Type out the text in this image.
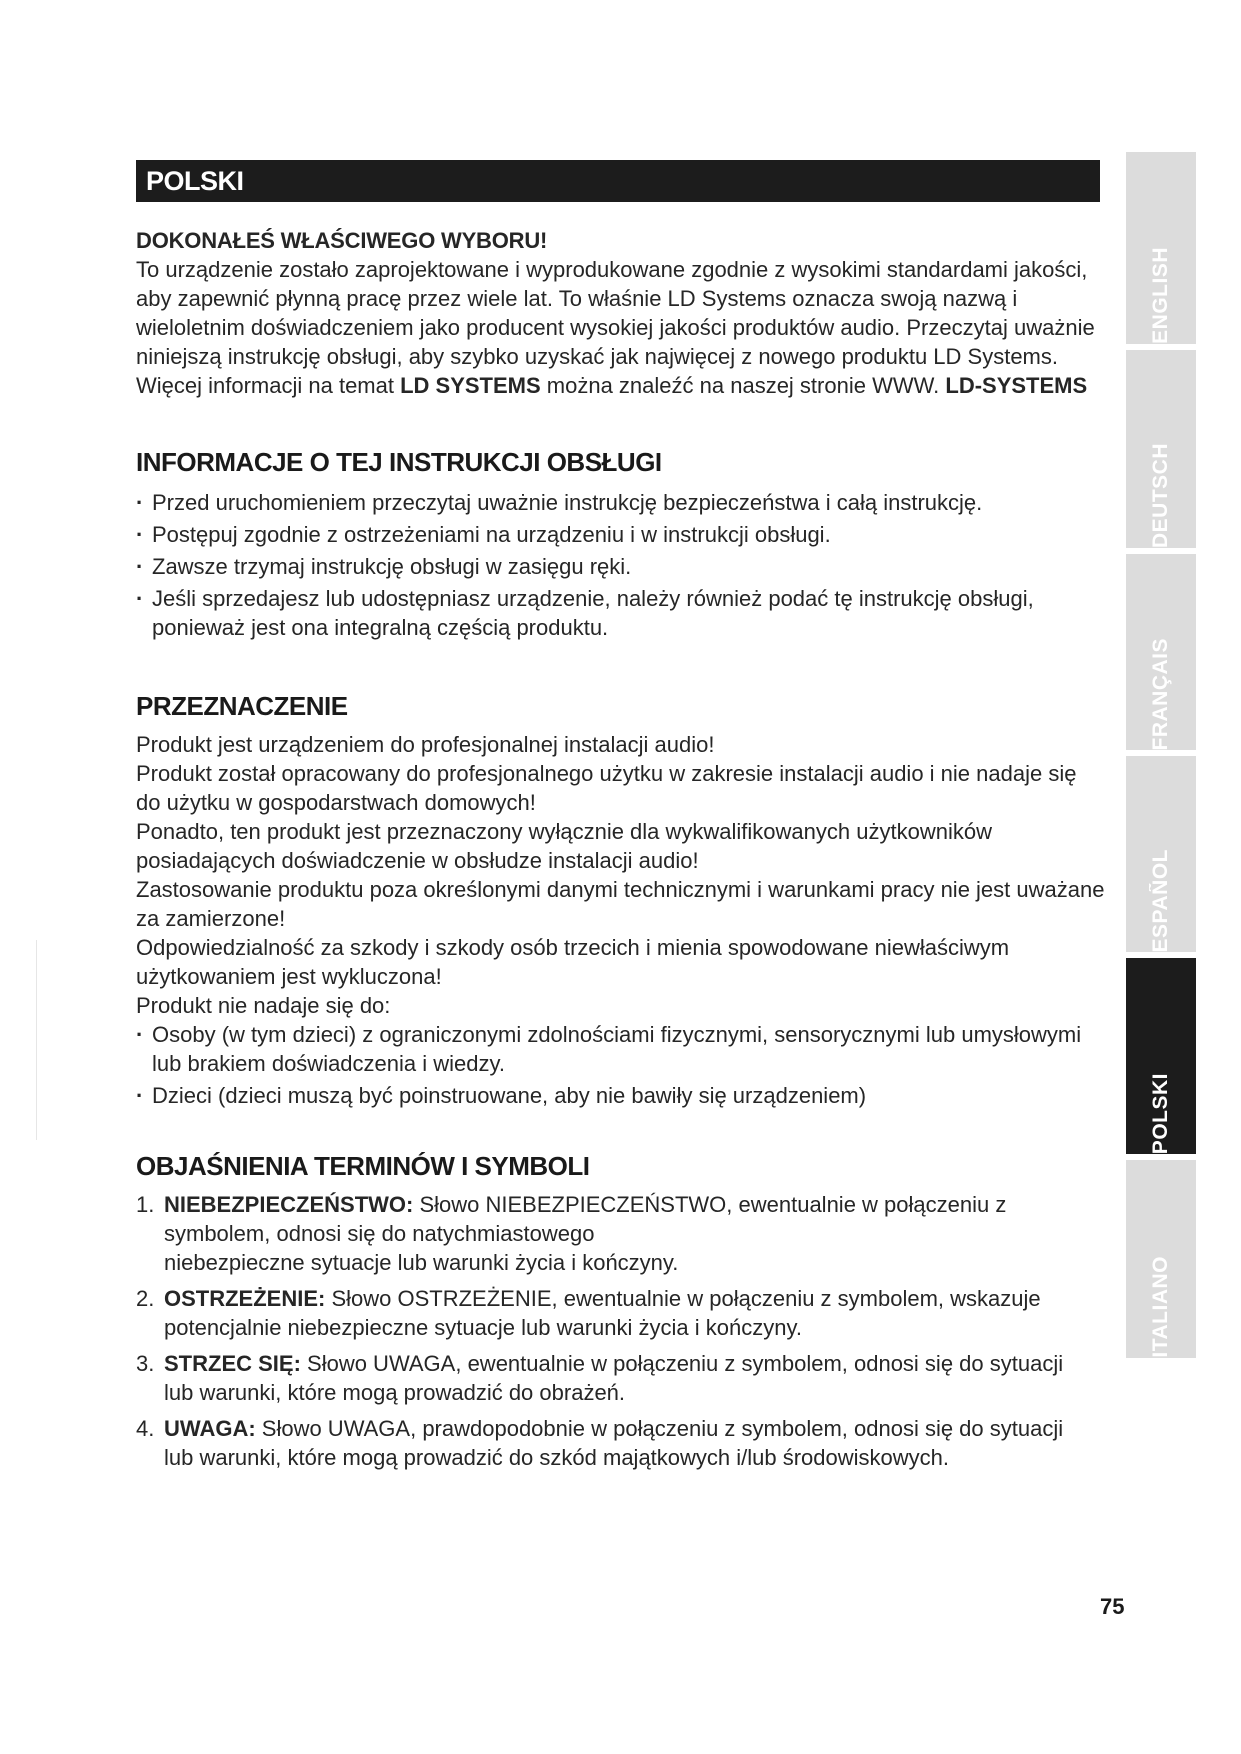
POLSKI

DOKONAŁEŚ WŁAŚCIWEGO WYBORU!

To urządzenie zostało zaprojektowane i wyprodukowane zgodnie z wysokimi standardami jakości, aby zapewnić płynną pracę przez wiele lat. To właśnie LD Systems oznacza swoją nazwą i wieloletnim doświadczeniem jako producent wysokiej jakości produktów audio. Przeczytaj uważnie niniejszą instrukcję obsługi, aby szybko uzyskać jak najwięcej z nowego produktu LD Systems.

Więcej informacji na temat LD SYSTEMS można znaleźć na naszej stronie WWW. LD-SYSTEMS

INFORMACJE O TEJ INSTRUKCJI OBSŁUGI
· Przed uruchomieniem przeczytaj uważnie instrukcję bezpieczeństwa i całą instrukcję.
· Postępuj zgodnie z ostrzeżeniami na urządzeniu i w instrukcji obsługi.
· Zawsze trzymaj instrukcję obsługi w zasięgu ręki.
· Jeśli sprzedajesz lub udostępniasz urządzenie, należy również podać tę instrukcję obsługi, ponieważ jest ona integralną częścią produktu.
PRZEZNACZENIE

Produkt jest urządzeniem do profesjonalnej instalacji audio!

Produkt został opracowany do profesjonalnego użytku w zakresie instalacji audio i nie nadaje się do użytku w gospodarstwach domowych!

Ponadto, ten produkt jest przeznaczony wyłącznie dla wykwalifikowanych użytkowników posiadających doświadczenie w obsłudze instalacji audio!

Zastosowanie produktu poza określonymi danymi technicznymi i warunkami pracy nie jest uważane za zamierzone!

Odpowiedzialność za szkody i szkody osób trzecich i mienia spowodowane niewłaściwym użytkowaniem jest wykluczona!

Produkt nie nadaje się do:

· Osoby (w tym dzieci) z ograniczonymi zdolnościami fizycznymi, sensorycznymi lub umysłowymi lub brakiem doświadczenia i wiedzy.
· Dzieci (dzieci muszą być poinstruowane, aby nie bawiły się urządzeniem)
OBJAŚNIENIA TERMINÓW I SYMBOLI
1. NIEBEZPIECZEŃSTWO: Słowo NIEBEZPIECZEŃSTWO, ewentualnie w połączeniu z symbolem, odnosi się do natychmiastowego
niebezpieczne sytuacje lub warunki życia i kończyny.
2. OSTRZEŻENIE: Słowo OSTRZEŻENIE, ewentualnie w połączeniu z symbolem, wskazuje potencjalnie niebezpieczne sytuacje lub warunki życia i kończyny.
3. STRZEC SIĘ: Słowo UWAGA, ewentualnie w połączeniu z symbolem, odnosi się do sytuacji
lub warunki, które mogą prowadzić do obrażeń.
4. UWAGA: Słowo UWAGA, prawdopodobnie w połączeniu z symbolem, odnosi się do sytuacji
lub warunki, które mogą prowadzić do szkód majątkowych i/lub środowiskowych.
ENGLISH
DEUTSCH
FRANÇAIS
ESPAÑOL
POLSKI
ITALIANO
75
